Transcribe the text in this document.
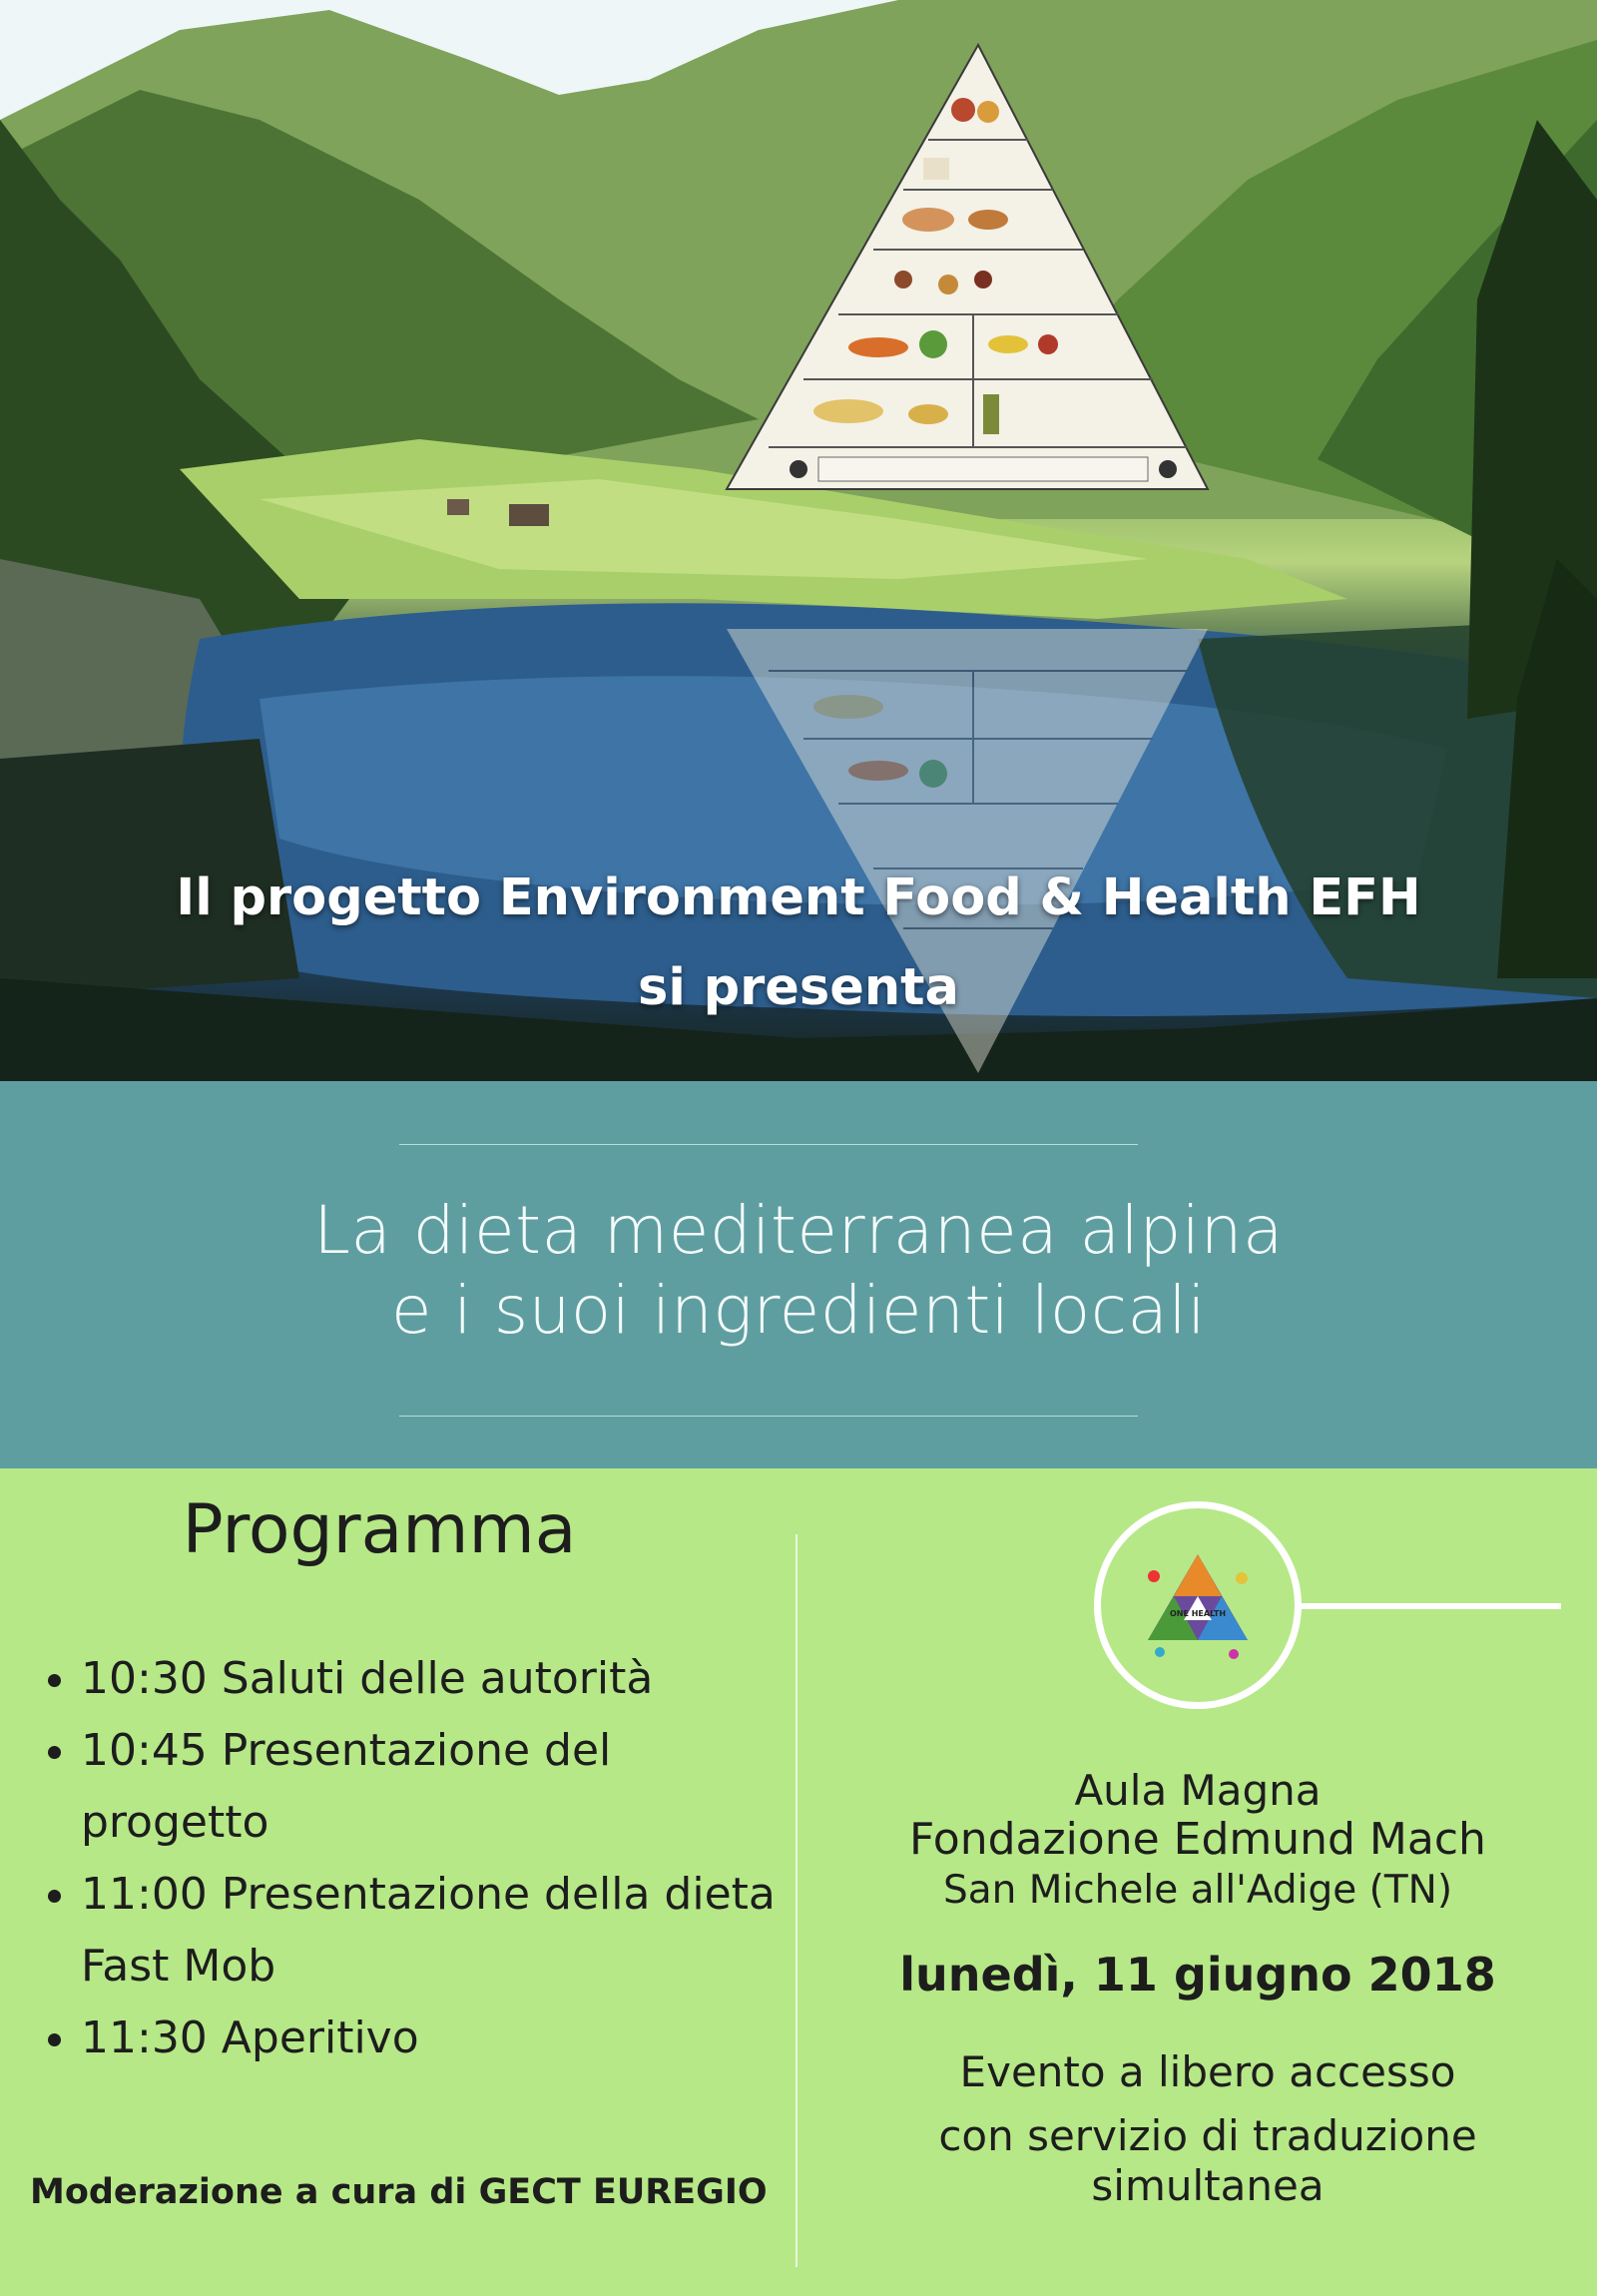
Il progetto Environment Food & Health EFH
si presenta
La dieta mediterranea alpina
e i suoi ingredienti locali
Programma
• 10:30 Saluti delle autorità
• 10:45 Presentazione del progetto
• 11:00 Presentazione della dieta Fast Mob
• 11:30 Aperitivo
Moderazione a cura di GECT EUREGIO
ONE HEALTH
Aula Magna
Fondazione Edmund Mach
San Michele all'Adige (TN)
lunedì, 11 giugno 2018
Evento a libero accesso
con servizio di traduzione
simultanea
